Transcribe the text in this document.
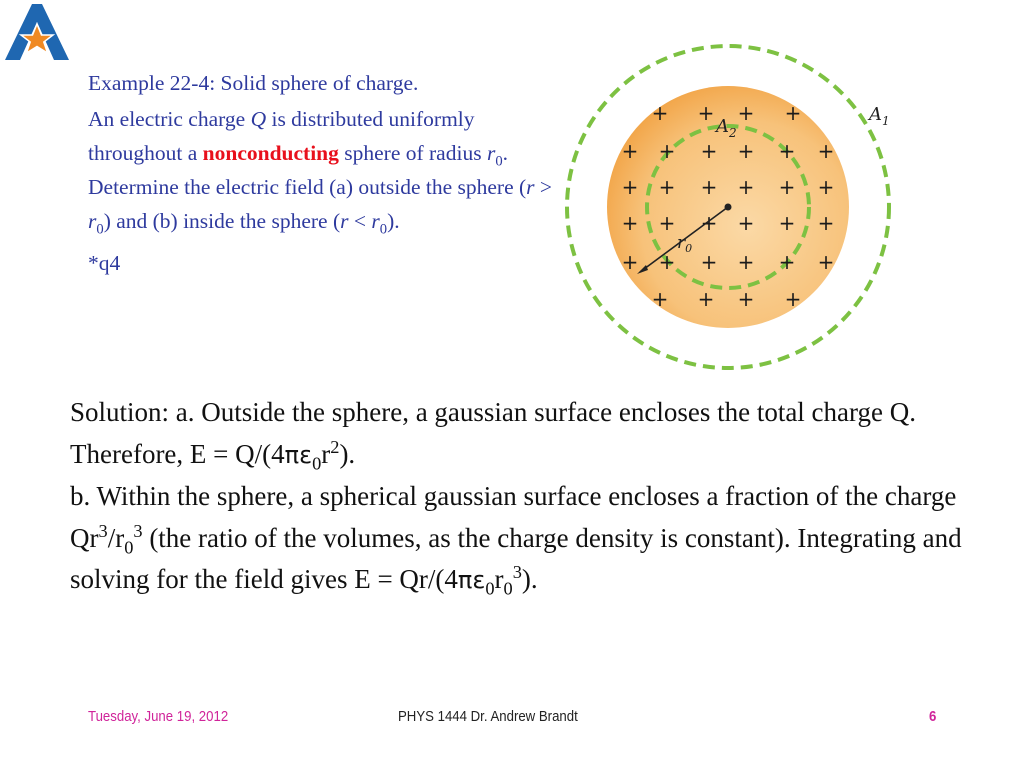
Example 22-4: Solid sphere of charge.

An electric charge Q is distributed uniformly throughout a nonconducting sphere of radius $r_0$. Determine the electric field (a) outside the sphere $(r > r_0)$ and (b) inside the sphere $(r < r_0)$.

*q4

+ + + +
+ + + + + +
+ + + + + +
+ + + + + +
+ + + + + +
+ + + +
$r_0$
$A_2$
$A_1$

Solution: a. Outside the sphere, a gaussian surface encloses the total charge Q. Therefore, $E = Q/(4\pi\varepsilon_0r^2)$.

b. Within the sphere, a spherical gaussian surface encloses a fraction of the charge $Qr^3/r_0^3$ (the ratio of the volumes, as the charge density is constant). Integrating and solving for the field gives $E = Qr/(4\pi\varepsilon_0r_0^3)$.

Tuesday, June 19, 2012	PHYS 1444 Dr. Andrew Brandt	6
